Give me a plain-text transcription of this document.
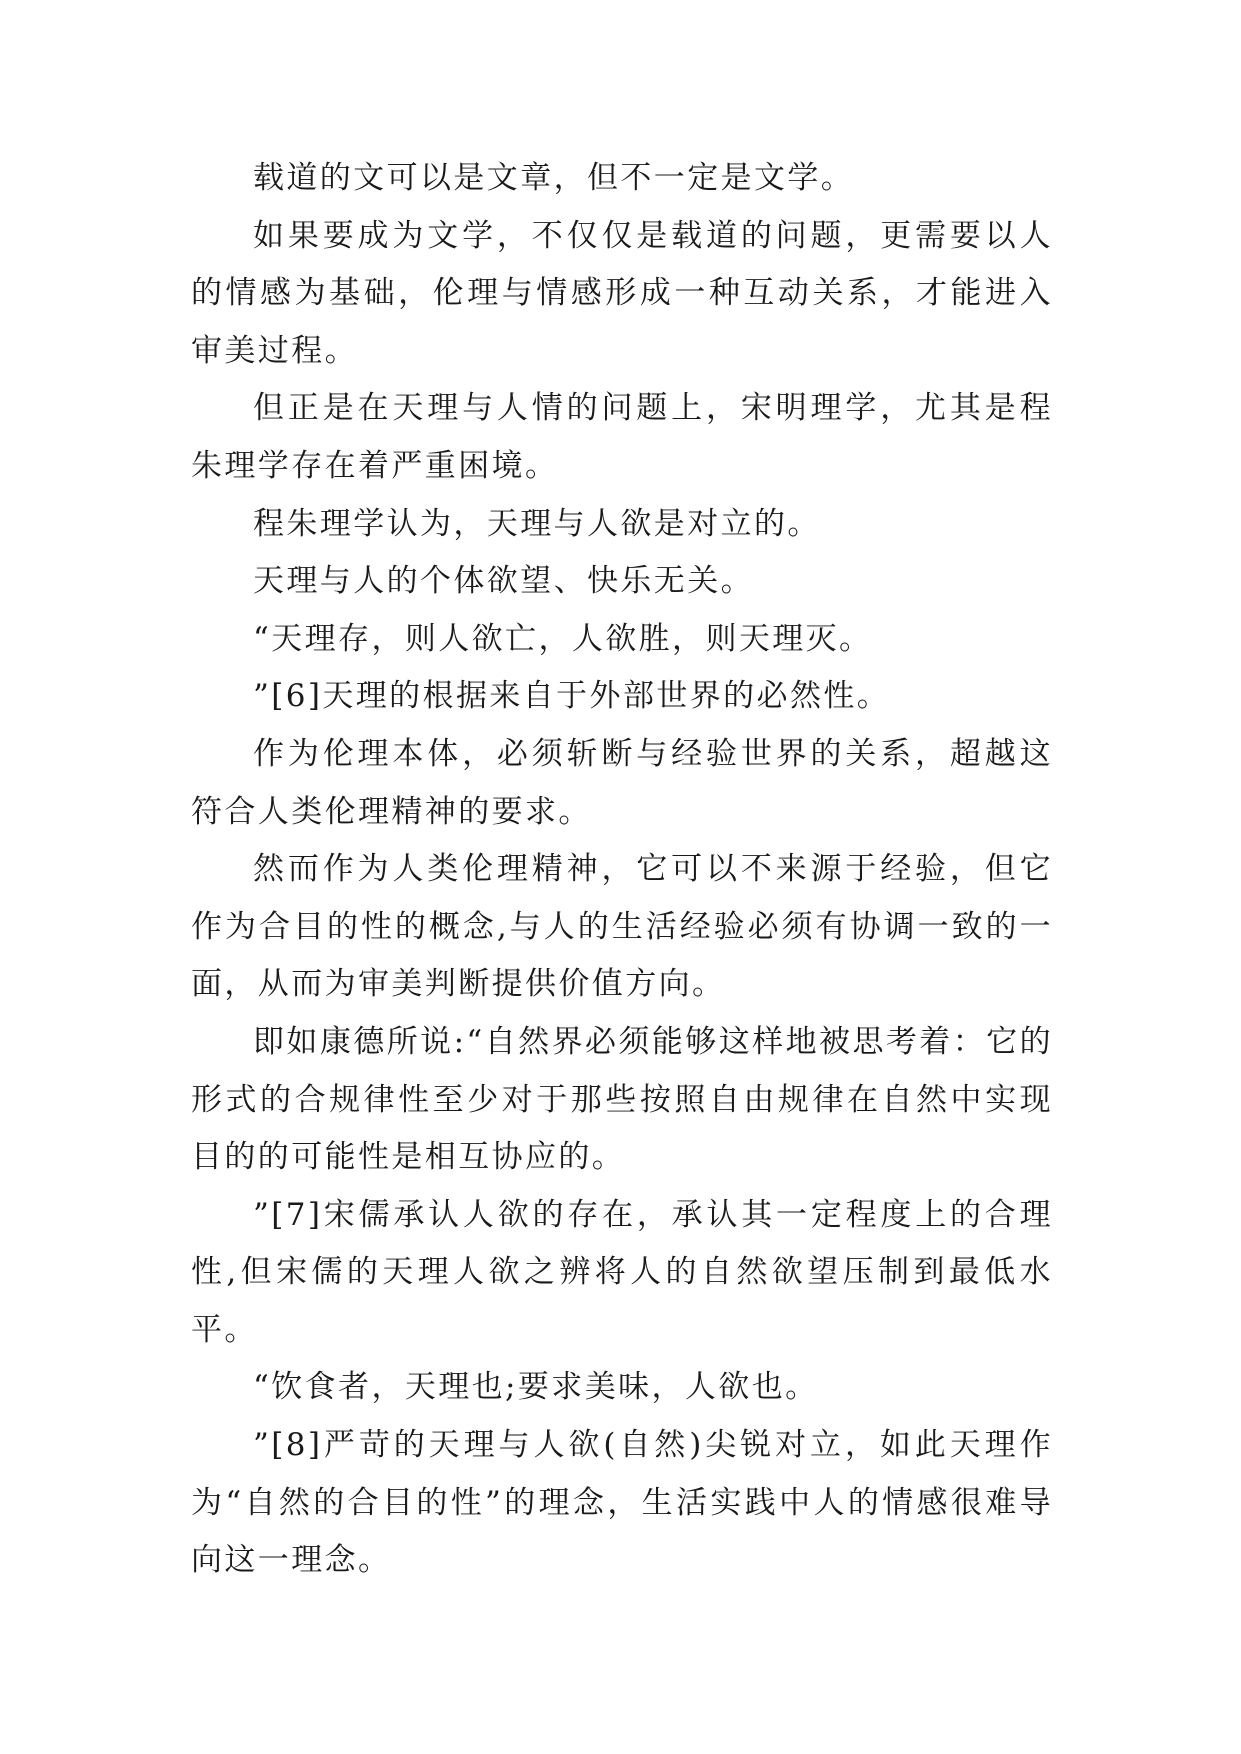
载道的文可以是文章，但不一定是文学。

如果要成为文学，不仅仅是载道的问题，更需要以人的情感为基础，伦理与情感形成一种互动关系，才能进入审美过程。

但正是在天理与人情的问题上，宋明理学，尤其是程朱理学存在着严重困境。

程朱理学认为，天理与人欲是对立的。

天理与人的个体欲望、快乐无关。

“天理存，则人欲亡，人欲胜，则天理灭。

”[6]天理的根据来自于外部世界的必然性。

作为伦理本体，必须斩断与经验世界的关系，超越这符合人类伦理精神的要求。

然而作为人类伦理精神，它可以不来源于经验，但它作为合目的性的概念,与人的生活经验必须有协调一致的一面，从而为审美判断提供价值方向。

即如康德所说:“自然界必须能够这样地被思考着：它的形式的合规律性至少对于那些按照自由规律在自然中实现目的的可能性是相互协应的。

”[7]宋儒承认人欲的存在，承认其一定程度上的合理性,但宋儒的天理人欲之辨将人的自然欲望压制到最低水平。

“饮食者，天理也;要求美味，人欲也。

”[8]严苛的天理与人欲(自然)尖锐对立，如此天理作为“自然的合目的性”的理念，生活实践中人的情感很难导向这一理念。
